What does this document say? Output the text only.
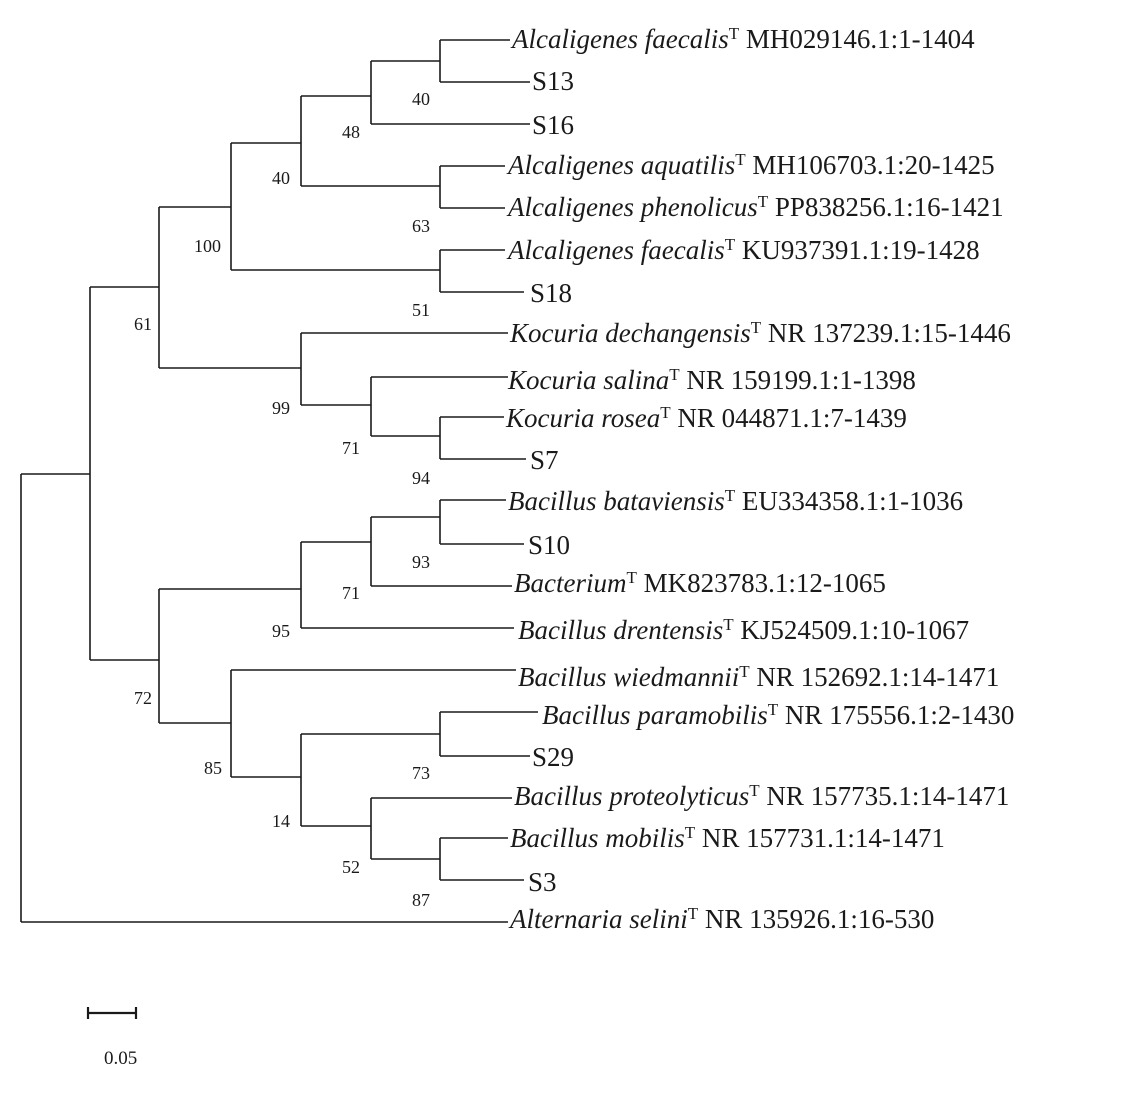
Alcaligenes faecalis$^T$ MH029146.1:1-1404
S13
S16
Alcaligenes aquatilis$^T$ MH106703.1:20-1425
Alcaligenes phenolicus$^T$ PP838256.1:16-1421
Alcaligenes faecalis$^T$ KU937391.1:19-1428
S18
Kocuria dechangensis$^T$ NR 137239.1:15-1446
Kocuria salina$^T$ NR 159199.1:1-1398
Kocuria rosea$^T$ NR 044871.1:7-1439
S7
Bacillus bataviensis$^T$ EU334358.1:1-1036
S10
Bacterium$^T$ MK823783.1:12-1065
Bacillus drentensis$^T$ KJ524509.1:10-1067
Bacillus wiedmannii$^T$ NR 152692.1:14-1471
Bacillus paramobilis$^T$ NR 175556.1:2-1430
S29
Bacillus proteolyticus$^T$ NR 157735.1:14-1471
Bacillus mobilis$^T$ NR 157731.1:14-1471
S3
Alternaria selini$^T$ NR 135926.1:16-530
40
48
40
63
100
51
61
99
71
94
93
71
95
72
85	73
14
52
87
0.05
